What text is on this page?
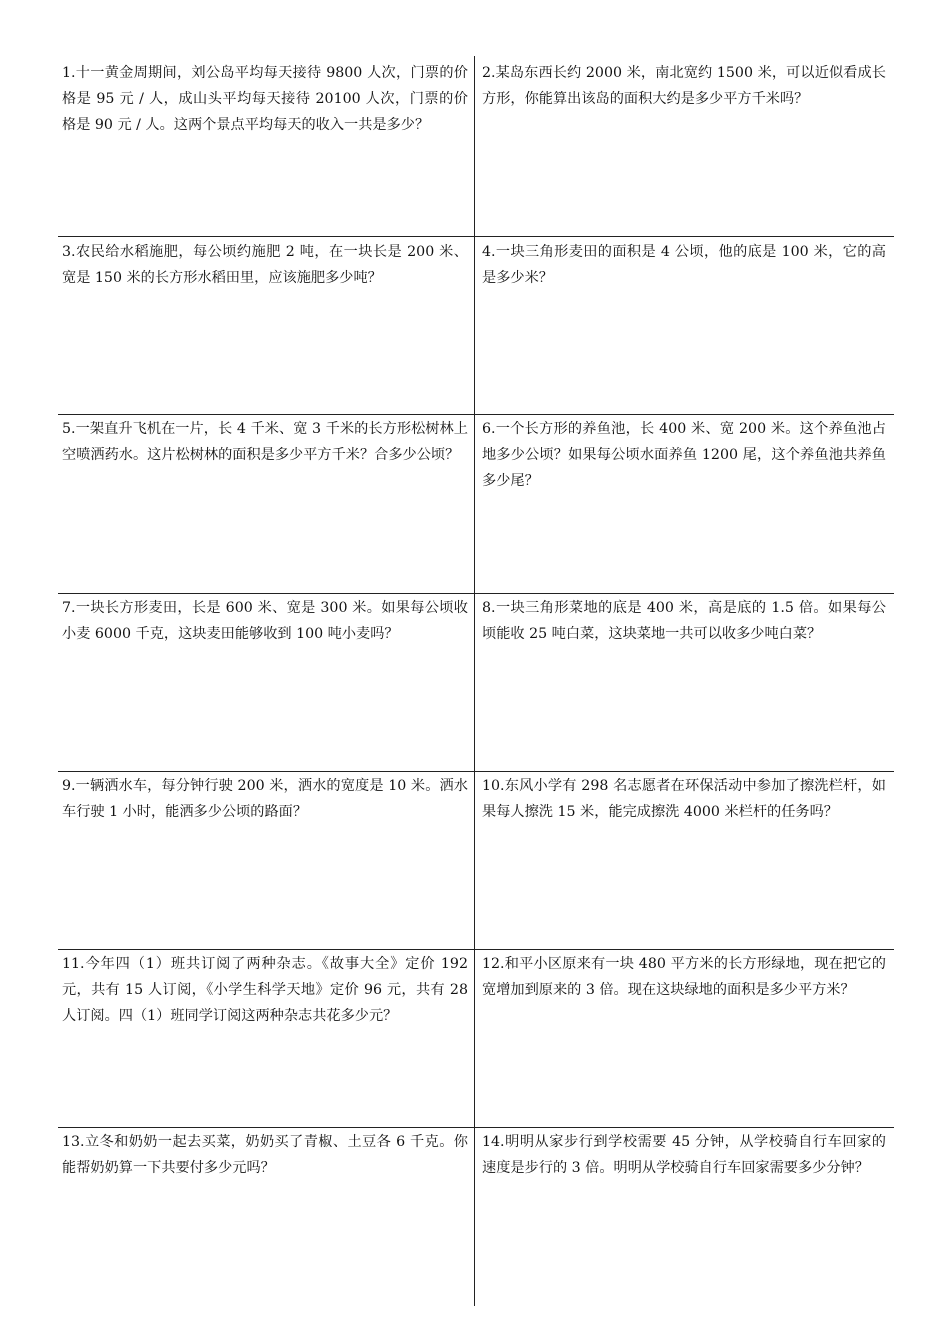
1.十一黄金周期间，刘公岛平均每天接待 9800 人次，门票的价格是 95 元 / 人，成山头平均每天接待 20100 人次，门票的价格是 90 元 / 人。这两个景点平均每天的收入一共是多少？
2.某岛东西长约 2000 米，南北宽约 1500 米，可以近似看成长方形，你能算出该岛的面积大约是多少平方千米吗？
3.农民给水稻施肥，每公顷约施肥 2 吨，在一块长是 200 米、宽是 150 米的长方形水稻田里，应该施肥多少吨？
4.一块三角形麦田的面积是 4 公顷，他的底是 100 米，它的高是多少米？
5.一架直升飞机在一片，长 4 千米、宽 3 千米的长方形松树林上空喷洒药水。这片松树林的面积是多少平方千米？合多少公顷？
6.一个长方形的养鱼池，长 400 米、宽 200 米。这个养鱼池占地多少公顷？如果每公顷水面养鱼 1200 尾，这个养鱼池共养鱼多少尾？
7.一块长方形麦田，长是 600 米、宽是 300 米。如果每公顷收小麦 6000 千克，这块麦田能够收到 100 吨小麦吗？
8.一块三角形菜地的底是 400 米，高是底的 1.5 倍。如果每公顷能收 25 吨白菜，这块菜地一共可以收多少吨白菜？
9.一辆洒水车，每分钟行驶 200 米，洒水的宽度是 10 米。洒水车行驶 1 小时，能洒多少公顷的路面？
10.东风小学有 298 名志愿者在环保活动中参加了擦洗栏杆，如果每人擦洗 15 米，能完成擦洗 4000 米栏杆的任务吗？
11.今年四（1）班共订阅了两种杂志。《故事大全》定价 192 元，共有 15 人订阅，《小学生科学天地》定价 96 元，共有 28 人订阅。四（1）班同学订阅这两种杂志共花多少元？
12.和平小区原来有一块 480 平方米的长方形绿地，现在把它的宽增加到原来的 3 倍。现在这块绿地的面积是多少平方米？
13.立冬和奶奶一起去买菜，奶奶买了青椒、土豆各 6 千克。你能帮奶奶算一下共要付多少元吗？
14.明明从家步行到学校需要 45 分钟，从学校骑自行车回家的速度是步行的 3 倍。明明从学校骑自行车回家需要多少分钟？
